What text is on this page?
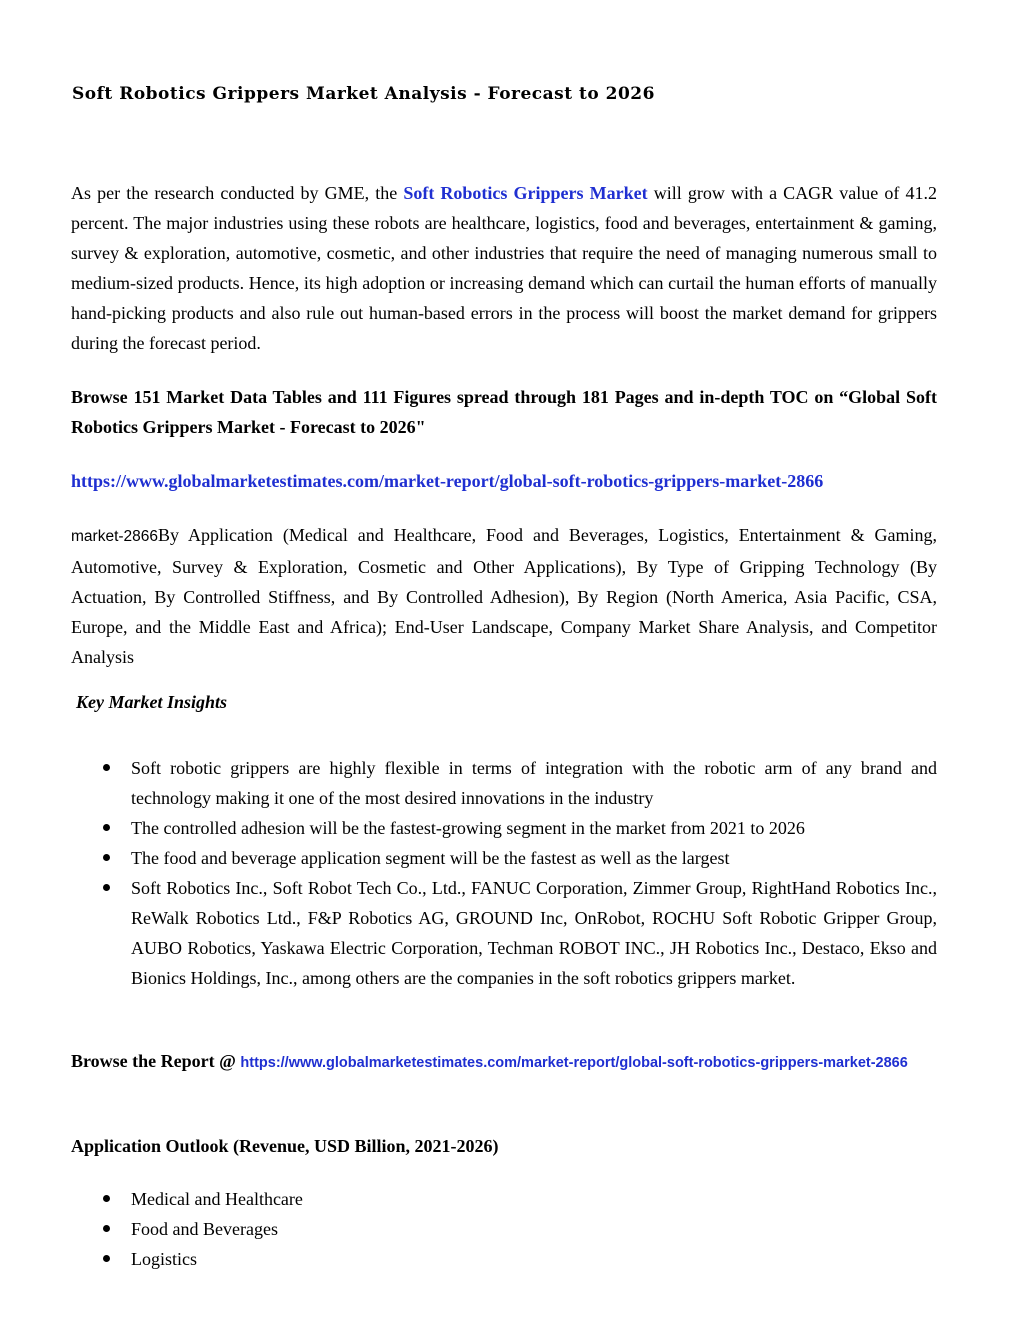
Soft Robotics Grippers Market Analysis - Forecast to 2026

As per the research conducted by GME, the Soft Robotics Grippers Market will grow with a CAGR value of 41.2 percent. The major industries using these robots are healthcare, logistics, food and beverages, entertainment & gaming, survey & exploration, automotive, cosmetic, and other industries that require the need of managing numerous small to medium-sized products. Hence, its high adoption or increasing demand which can curtail the human efforts of manually hand-picking products and also rule out human-based errors in the process will boost the market demand for grippers during the forecast period.

Browse 151 Market Data Tables and 111 Figures spread through 181 Pages and in-depth TOC on “Global Soft Robotics Grippers Market - Forecast to 2026"

https://www.globalmarketestimates.com/market-report/global-soft-robotics-grippers-market-2866

market-2866By Application (Medical and Healthcare, Food and Beverages, Logistics, Entertainment & Gaming, Automotive, Survey & Exploration, Cosmetic and Other Applications), By Type of Gripping Technology (By Actuation, By Controlled Stiffness, and By Controlled Adhesion), By Region (North America, Asia Pacific, CSA, Europe, and the Middle East and Africa); End-User Landscape, Company Market Share Analysis, and Competitor Analysis

Key Market Insights

Soft robotic grippers are highly flexible in terms of integration with the robotic arm of any brand and technology making it one of the most desired innovations in the industry
The controlled adhesion will be the fastest-growing segment in the market from 2021 to 2026
The food and beverage application segment will be the fastest as well as the largest
Soft Robotics Inc., Soft Robot Tech Co., Ltd., FANUC Corporation, Zimmer Group, RightHand Robotics Inc., ReWalk Robotics Ltd., F&P Robotics AG, GROUND Inc, OnRobot, ROCHU Soft Robotic Gripper Group, AUBO Robotics, Yaskawa Electric Corporation, Techman ROBOT INC., JH Robotics Inc., Destaco, Ekso and Bionics Holdings, Inc., among others are the companies in the soft robotics grippers market.

Browse the Report @ https://www.globalmarketestimates.com/market-report/global-soft-robotics-grippers-market-2866

Application Outlook (Revenue, USD Billion, 2021-2026)

Medical and Healthcare
Food and Beverages
Logistics
